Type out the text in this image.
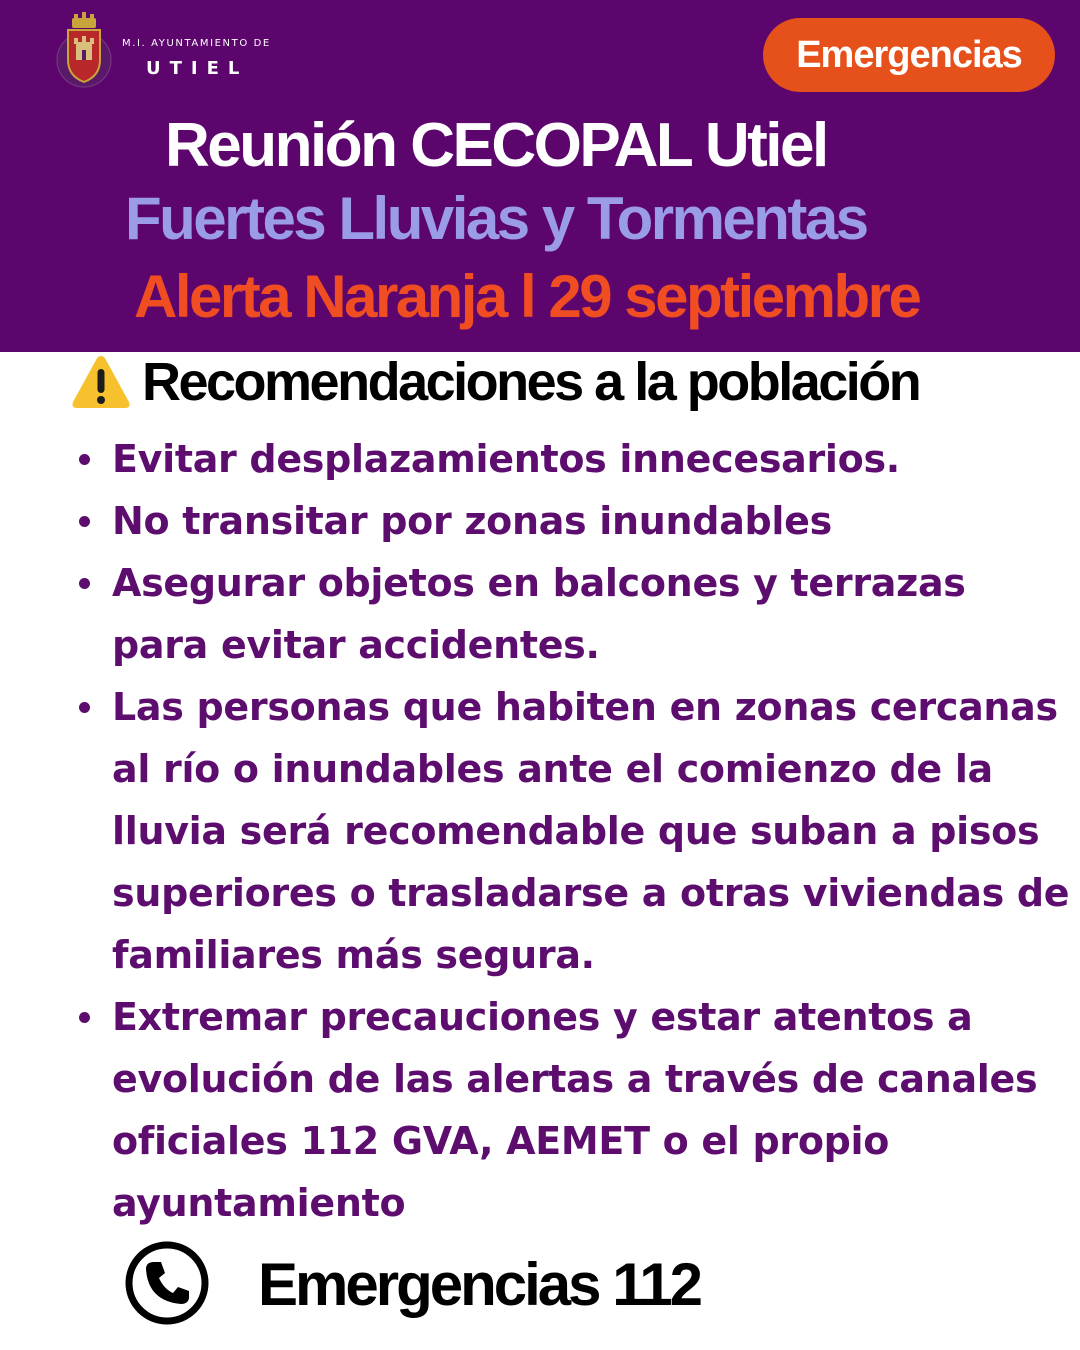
M.I. AYUNTAMIENTO DE
UTIEL	Emergencias
Reunión CECOPAL Utiel
Fuertes Lluvias y Tormentas
Alerta Naranja l 29 septiembre
Recomendaciones a la población
Evitar desplazamientos innecesarios.
No transitar por zonas inundables
Asegurar objetos en balcones y terrazas para evitar accidentes.
Las personas que habiten en zonas cercanas al río o inundables ante el comienzo de la lluvia será recomendable que suban a pisos superiores o trasladarse a otras viviendas de familiares más segura.
Extremar precauciones y estar atentos a evolución de las alertas a través de canales oficiales 112 GVA, AEMET o el propio ayuntamiento
Emergencias 112
